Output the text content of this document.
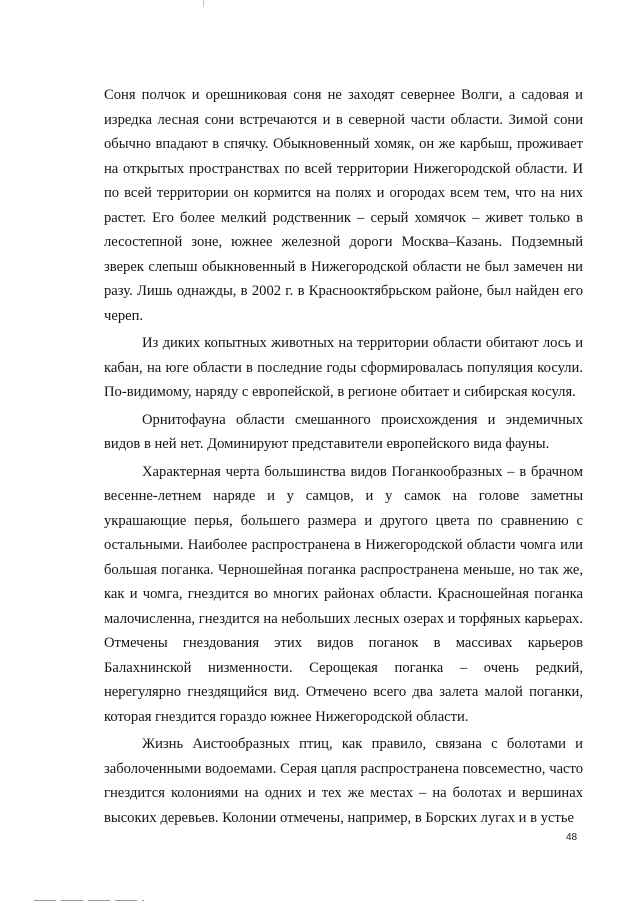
Соня полчок и орешниковая соня не заходят севернее Волги, а садовая и изредка лесная сони встречаются и в северной части области. Зимой сони обычно впадают в спячку. Обыкновенный хомяк, он же карбыш, проживает на открытых пространствах по всей территории Нижегородской области. И по всей территории он кормится на полях и огородах всем тем, что на них растет. Его более мелкий родственник – серый хомячок – живет только в лесостепной зоне, южнее железной дороги Москва–Казань. Подземный зверек слепыш обыкновенный в Нижегородской области не был замечен ни разу. Лишь однажды, в 2002 г. в Краснооктябрьском районе, был найден его череп.

Из диких копытных животных на территории области обитают лось и кабан, на юге области в последние годы сформировалась популяция косули. По-видимому, наряду с европейской, в регионе обитает и сибирская косуля.

Орнитофауна области смешанного происхождения и эндемичных видов в ней нет. Доминируют представители европейского вида фауны.

Характерная черта большинства видов Поганкообразных – в брачном весенне-летнем наряде и у самцов, и у самок на голове заметны украшающие перья, большего размера и другого цвета по сравнению с остальными. Наиболее распространена в Нижегородской области чомга или большая поганка. Черношейная поганка распространена меньше, но так же, как и чомга, гнездится во многих районах области. Красношейная поганка малочисленна, гнездится на небольших лесных озерах и торфяных карьерах. Отмечены гнездования этих видов поганок в массивах карьеров Балахнинской низменности. Серощекая поганка – очень редкий, нерегулярно гнездящийся вид. Отмечено всего два залета малой поганки, которая гнездится гораздо южнее Нижегородской области.

Жизнь Аистообразных птиц, как правило, связана с болотами и заболоченными водоемами. Серая цапля распространена повсеместно, часто гнездится колониями на одних и тех же местах – на болотах и вершинах высоких деревьев. Колонии отмечены, например, в Борских лугах и в устье

48
